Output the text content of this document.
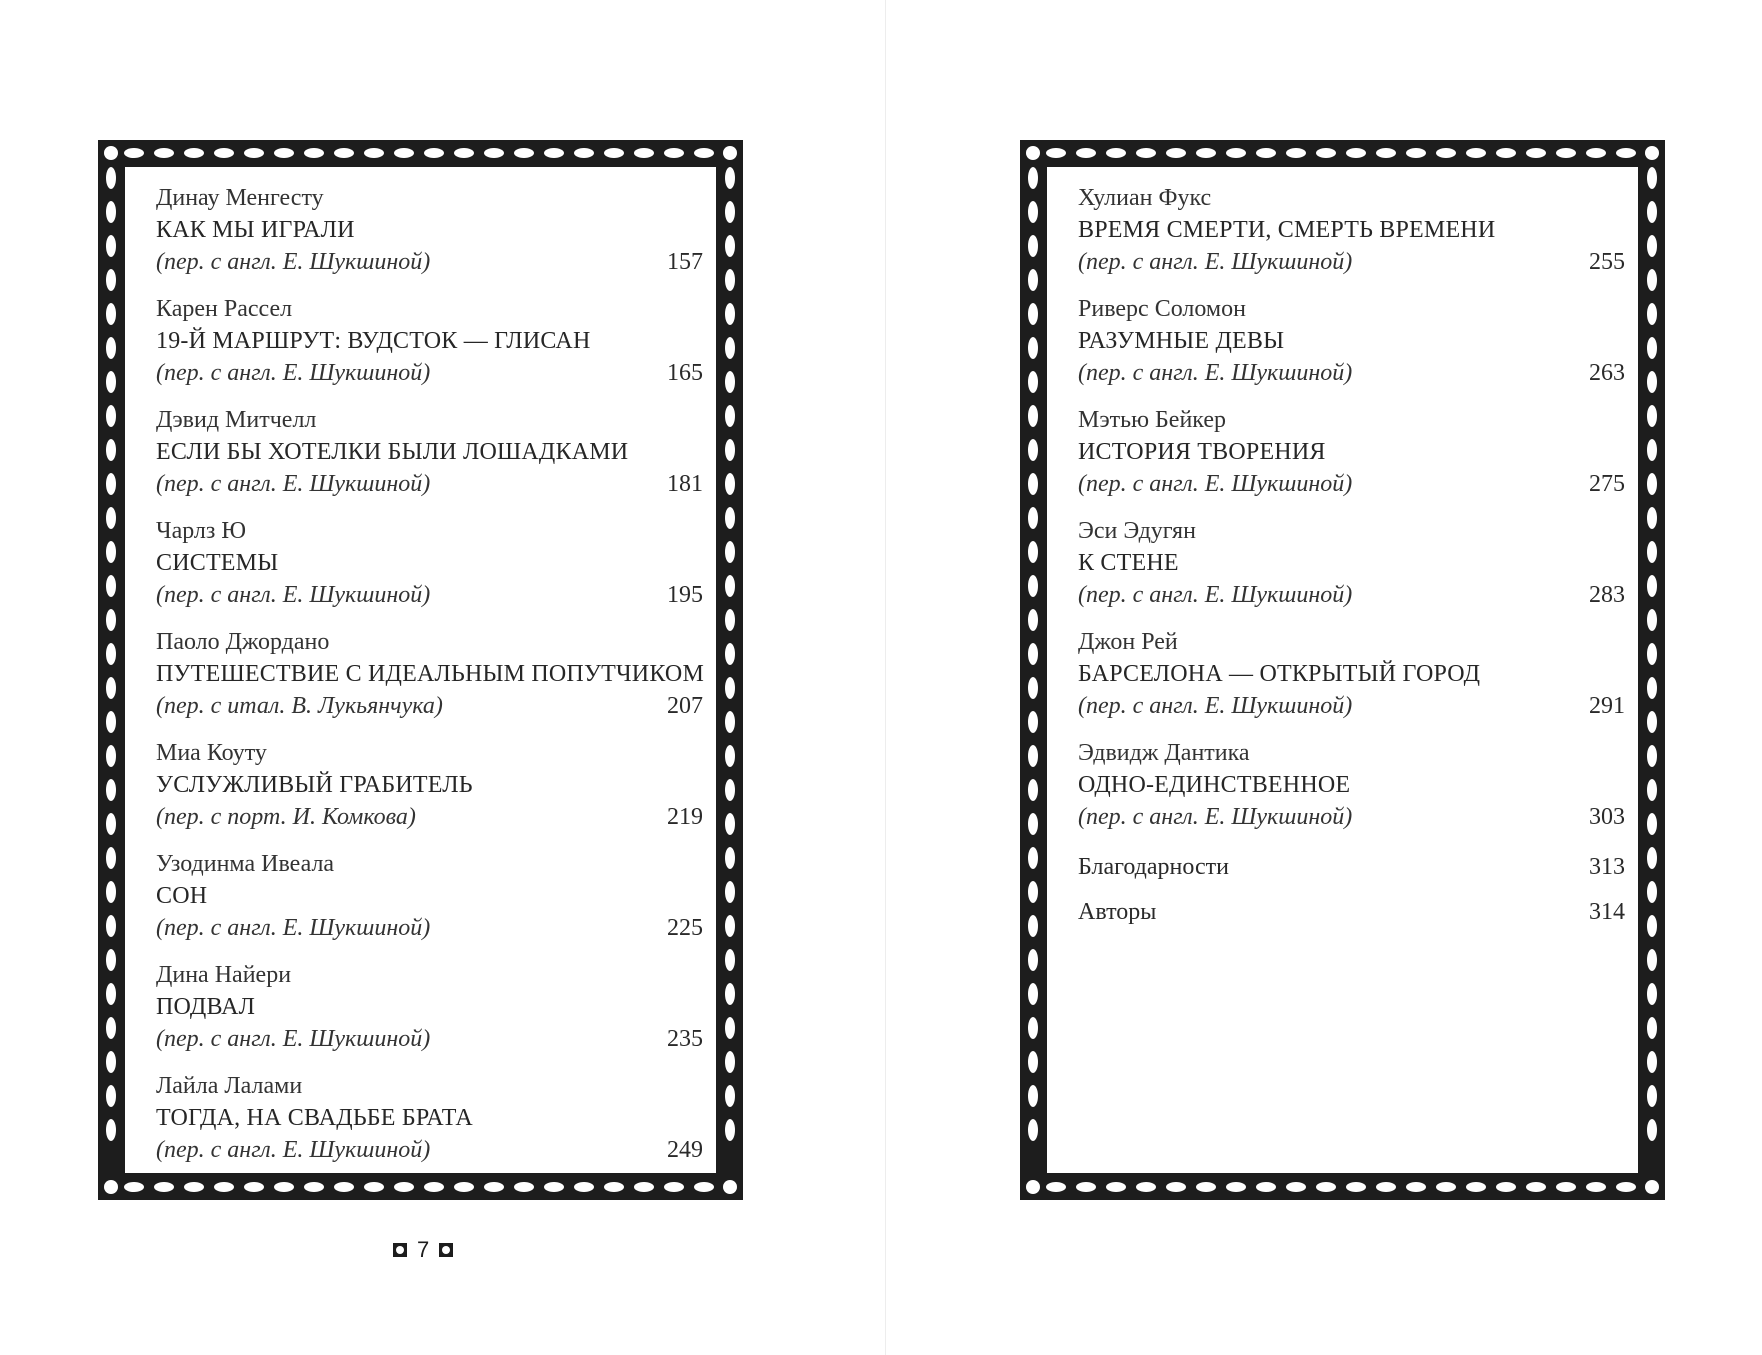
Динау Менгесту
КАК МЫ ИГРАЛИ
(пер. с англ. Е. Шукшиной)	157
Карен Рассел
19-Й МАРШРУТ: ВУДСТОК — ГЛИСАН
(пер. с англ. Е. Шукшиной)	165
Дэвид Митчелл
ЕСЛИ БЫ ХОТЕЛКИ БЫЛИ ЛОШАДКАМИ
(пер. с англ. Е. Шукшиной)	181
Чарлз Ю
СИСТЕМЫ
(пер. с англ. Е. Шукшиной)	195
Паоло Джордано
ПУТЕШЕСТВИЕ С ИДЕАЛЬНЫМ ПОПУТЧИКОМ
(пер. с итал. В. Лукьянчука)	207
Миа Коуту
УСЛУЖЛИВЫЙ ГРАБИТЕЛЬ
(пер. с порт. И. Комкова)	219
Узодинма Ивеала
СОН
(пер. с англ. Е. Шукшиной)	225
Дина Найери
ПОДВАЛ
(пер. с англ. Е. Шукшиной)	235
Лайла Лалами
ТОГДА, НА СВАДЬБЕ БРАТА
(пер. с англ. Е. Шукшиной)	249
7
Хулиан Фукс
ВРЕМЯ СМЕРТИ, СМЕРТЬ ВРЕМЕНИ
(пер. с англ. Е. Шукшиной)	255
Риверс Соломон
РАЗУМНЫЕ ДЕВЫ
(пер. с англ. Е. Шукшиной)	263
Мэтью Бейкер
ИСТОРИЯ ТВОРЕНИЯ
(пер. с англ. Е. Шукшиной)	275
Эси Эдугян
К СТЕНЕ
(пер. с англ. Е. Шукшиной)	283
Джон Рей
БАРСЕЛОНА — ОТКРЫТЫЙ ГОРОД
(пер. с англ. Е. Шукшиной)	291
Эдвидж Дантика
ОДНО-ЕДИНСТВЕННОЕ
(пер. с англ. Е. Шукшиной)	303
Благодарности	313
Авторы	314
